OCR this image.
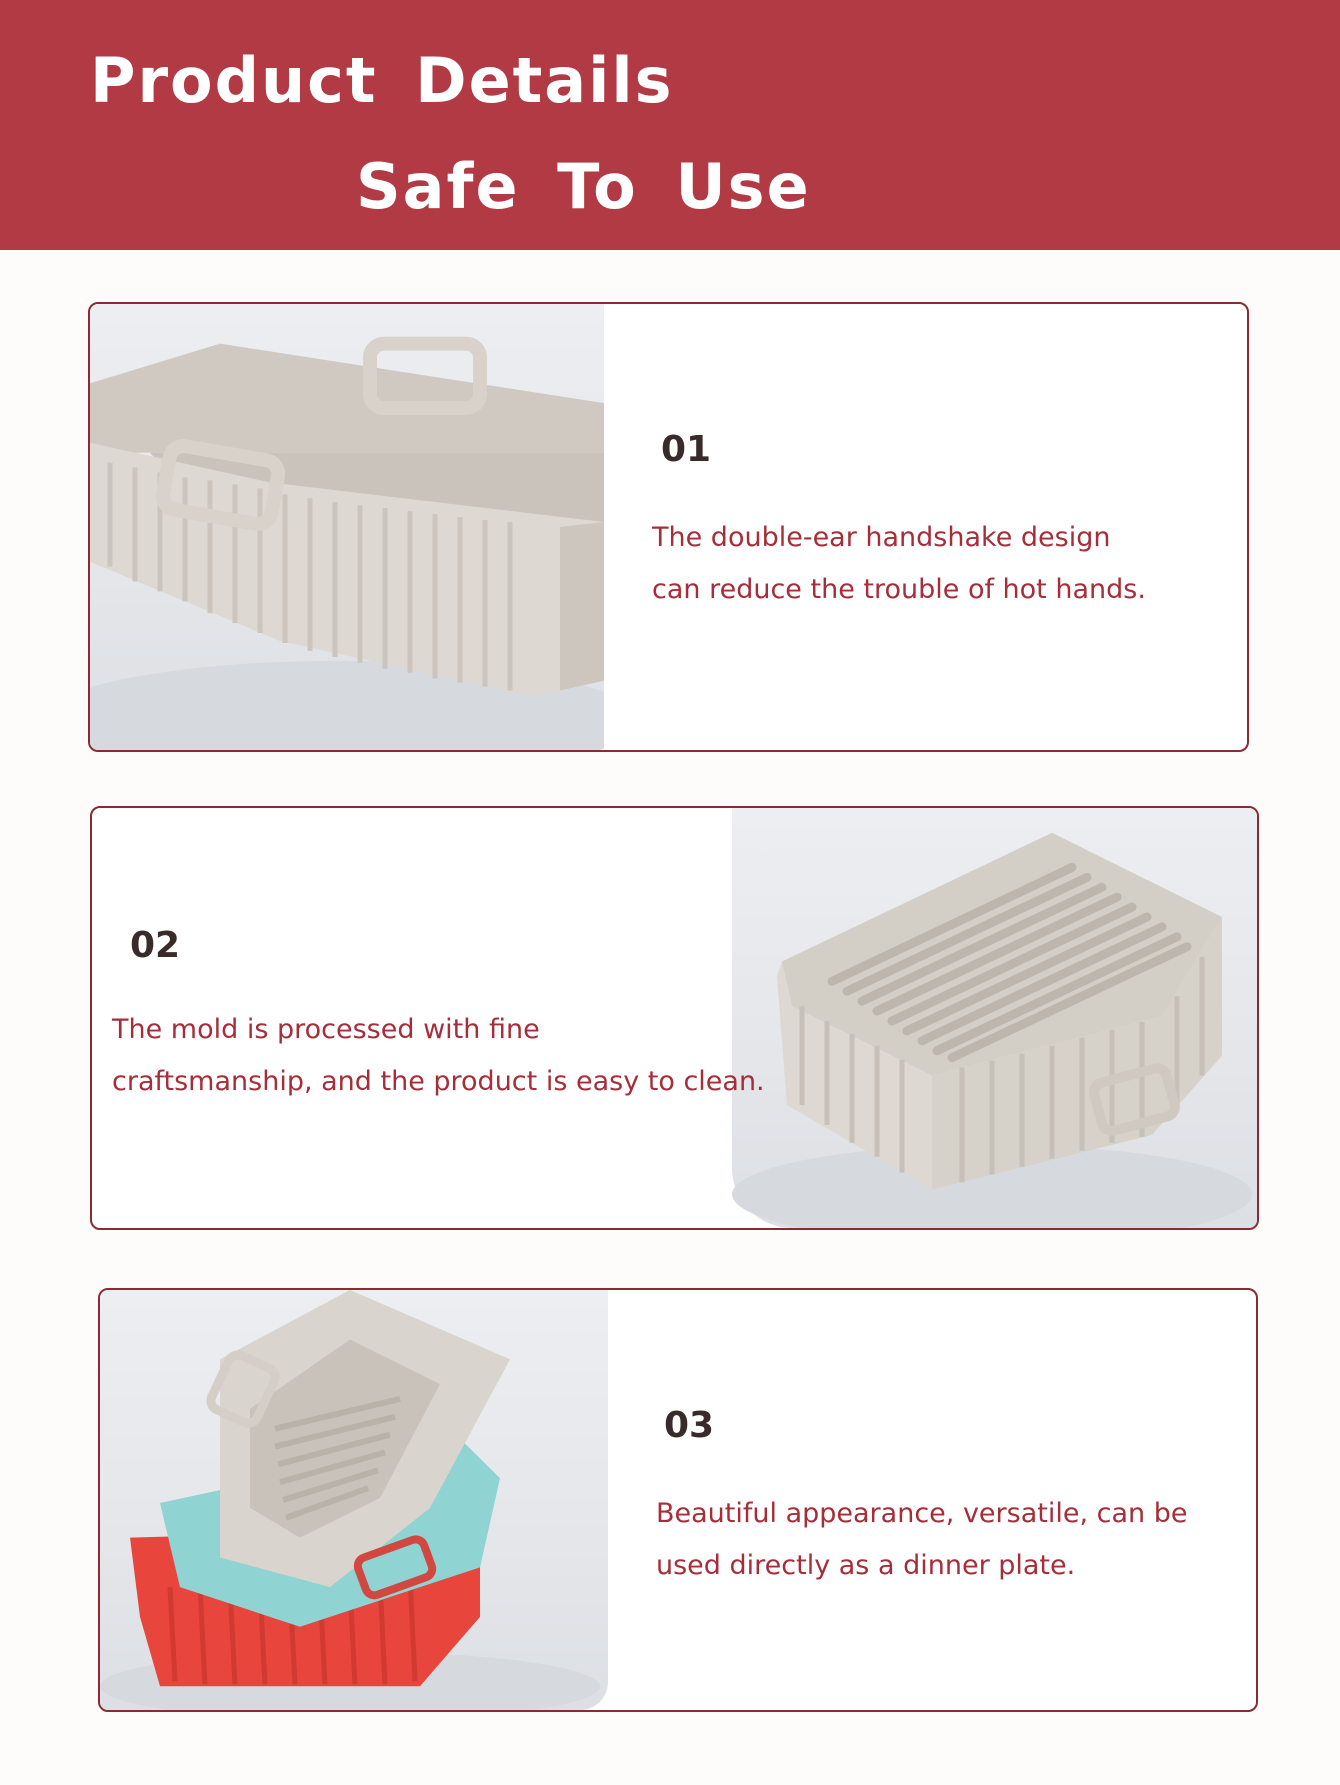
Product Details
Safe To Use
01
The double-ear handshake design
can reduce the trouble of hot hands.
02
The mold is processed with fine
craftsmanship, and the product is easy to clean.
03
Beautiful appearance, versatile, can be
used directly as a dinner plate.
